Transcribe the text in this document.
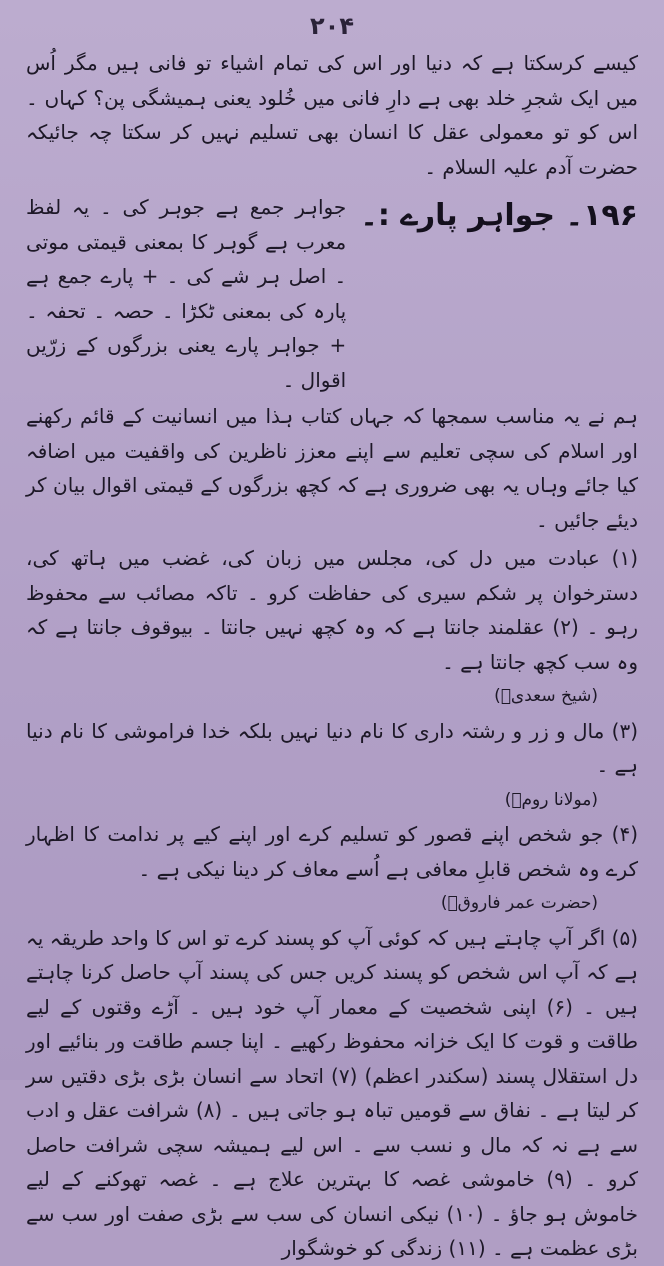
۲۰۴

کیسے کرسکتا ہے کہ دنیا اور اس کی تمام اشیاء تو فانی ہیں مگر اُس میں ایک شجرِ خلد بھی ہے دارِ فانی میں خُلود یعنی ہمیشگی پن؟ کہاں ۔ اس کو تو معمولی عقل کا انسان بھی تسلیم نہیں کر سکتا چہ جائیکہ حضرت آدم علیہ السلام ۔

۱۹۶۔ جواہر پارے :۔
جواہر جمع ہے جوہر کی ۔ یہ لفظ معرب ہے گوہر کا بمعنی قیمتی موتی ۔ اصل ہر شے کی ۔ + پارے جمع ہے پارہ کی بمعنی ٹکڑا ۔ حصہ ۔ تحفہ ۔ + جواہر پارے یعنی بزرگوں کے زرّیں اقوال ۔

ہم نے یہ مناسب سمجھا کہ جہاں کتاب ہذا میں انسانیت کے قائم رکھنے اور اسلام کی سچی تعلیم سے اپنے معزز ناظرین کی واقفیت میں اضافہ کیا جائے وہاں یہ بھی ضروری ہے کہ کچھ بزرگوں کے قیمتی اقوال بیان کر دیئے جائیں ۔

(۱) عبادت میں دل کی، مجلس میں زبان کی، غضب میں ہاتھ کی، دسترخوان پر شکم سیری کی حفاظت کرو ۔ تاکہ مصائب سے محفوظ رہو ۔ (۲) عقلمند جانتا ہے کہ وہ کچھ نہیں جانتا ۔ بیوقوف جانتا ہے کہ وہ سب کچھ جانتا ہے ۔

(شیخ سعدیؒ)

(۳) مال و زر و رشتہ داری کا نام دنیا نہیں بلکہ خدا فراموشی کا نام دنیا ہے ۔

(مولانا رومؒ)

(۴) جو شخص اپنے قصور کو تسلیم کرے اور اپنے کیے پر ندامت کا اظہار کرے وہ شخص قابلِ معافی ہے اُسے معاف کر دینا نیکی ہے ۔

(حضرت عمر فاروقؓ)

(۵) اگر آپ چاہتے ہیں کہ کوئی آپ کو پسند کرے تو اس کا واحد طریقہ یہ ہے کہ آپ اس شخص کو پسند کریں جس کی پسند آپ حاصل کرنا چاہتے ہیں ۔ (۶) اپنی شخصیت کے معمار آپ خود ہیں ۔ آڑے وقتوں کے لیے طاقت و قوت کا ایک خزانہ محفوظ رکھیے ۔ اپنا جسم طاقت ور بنائیے اور دل استقلال پسند (سکندر اعظم) (۷) اتحاد سے انسان بڑی بڑی دقتیں سر کر لیتا ہے ۔ نفاق سے قومیں تباہ ہو جاتی ہیں ۔ (۸) شرافت عقل و ادب سے ہے نہ کہ مال و نسب سے ۔ اس لیے ہمیشہ سچی شرافت حاصل کرو ۔ (۹) خاموشی غصہ کا بہترین علاج ہے ۔ غصہ تھوکنے کے لیے خاموش ہو جاؤ ۔ (۱۰) نیکی انسان کی سب سے بڑی صفت اور سب سے بڑی عظمت ہے ۔ (۱۱) زندگی کو خوشگوار
